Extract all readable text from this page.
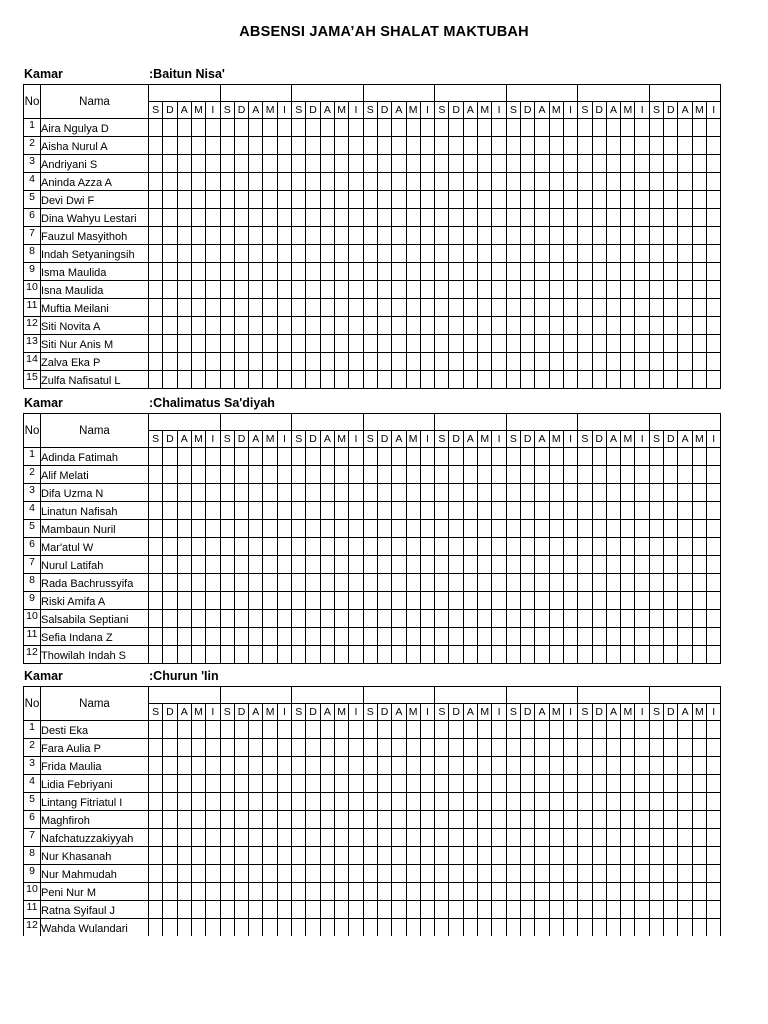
ABSENSI JAMA’AH SHALAT MAKTUBAH
Kamar	:Baitun Nisa'
No	Nama																																								
		S	D	A	M	I	S	D	A	M	I	S	D	A	M	I	S	D	A	M	I	S	D	A	M	I	S	D	A	M	I	S	D	A	M	I	S	D	A	M	I
1	Aira Ngulya D																																								
2	Aisha Nurul A																																								
3	Andriyani S																																								
4	Aninda Azza A																																								
5	Devi Dwi F																																								
6	Dina Wahyu Lestari																																								
7	Fauzul Masyithoh																																								
8	Indah Setyaningsih																																								
9	Isma Maulida																																								
10	Isna Maulida																																								
11	Muftia Meilani																																								
12	Siti Novita A																																								
13	Siti Nur Anis M																																								
14	Zalva Eka P																																								
15	Zulfa Nafisatul L																																								
Kamar	:Chalimatus Sa'diyah
No	Nama																																								
		S	D	A	M	I	S	D	A	M	I	S	D	A	M	I	S	D	A	M	I	S	D	A	M	I	S	D	A	M	I	S	D	A	M	I	S	D	A	M	I
1	Adinda Fatimah																																								
2	Alif Melati																																								
3	Difa Uzma N																																								
4	Linatun Nafisah																																								
5	Mambaun Nuril																																								
6	Mar'atul W																																								
7	Nurul Latifah																																								
8	Rada Bachrussyifa																																								
9	Riski Amifa A																																								
10	Salsabila Septiani																																								
11	Sefia Indana Z																																								
12	Thowilah Indah S																																								
Kamar	:Churun 'Iin
No	Nama																																								
		S	D	A	M	I	S	D	A	M	I	S	D	A	M	I	S	D	A	M	I	S	D	A	M	I	S	D	A	M	I	S	D	A	M	I	S	D	A	M	I
1	Desti Eka																																								
2	Fara Aulia P																																								
3	Frida Maulia																																								
4	Lidia Febriyani																																								
5	Lintang Fitriatul I																																								
6	Maghfiroh																																								
7	Nafchatuzzakiyyah																																								
8	Nur Khasanah																																								
9	Nur Mahmudah																																								
10	Peni Nur M																																								
11	Ratna Syifaul J																																								
12	Wahda Wulandari																																								
